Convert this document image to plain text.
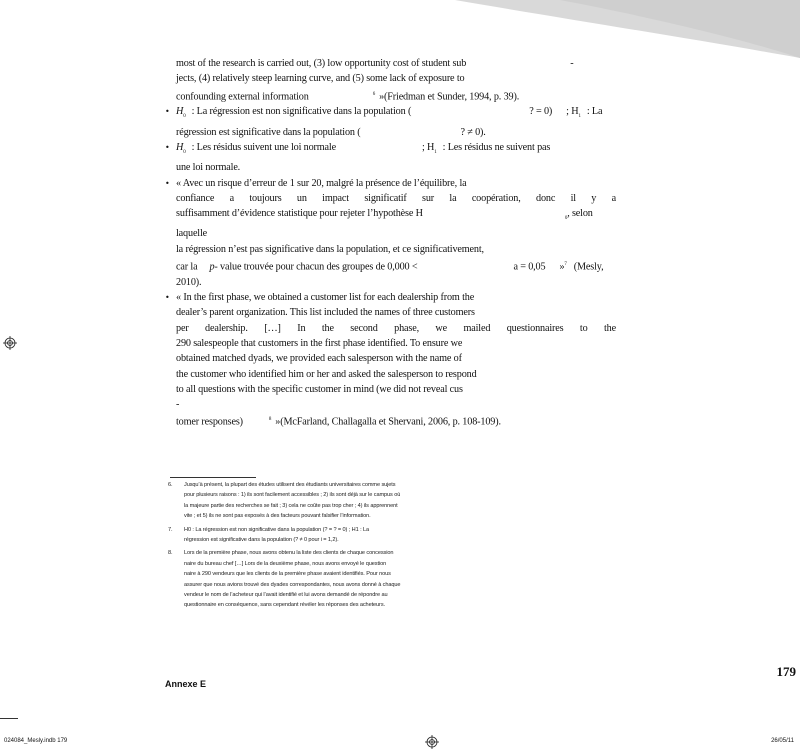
most of the research is carried out, (3) low opportunity cost of student sub	-
jects, (4) relatively steep learning curve, and (5) some lack of exposure to
confounding external information	$^6$ »(Friedman et Sunder, 1994, p. 39).

• $H_0$ : La régression est non significative dans la population (	? = 0) ; $H_1$ : La
régression est significative dans la population (	? ≠ 0).

• $H_0$ : Les résidus suivent une loi normale	; $H_1$ : Les résidus ne suivent pas
une loi normale.

• « Avec un risque d’erreur de 1 sur 20, malgré la présence de l’équilibre, la

confiance a toujours un impact significatif sur la coopération, donc il y a

suffisamment d’évidence statistique pour rejeter l’hypothèse H	$_0$, selon laquelle

la régression n’est pas significative dans la population, et ce significativement,

car la p- value trouvée pour chacun des groupes de 0,000 <	a = 0,05 »$^7$ (Mesly,

2010).

• « In the first phase, we obtained a customer list for each dealership from the

dealer’s parent organization. This list included the names of three customers

per dealership. […] In the second phase, we mailed questionnaires to the

290 salespeople that customers in the first phase identified. To ensure we

obtained matched dyads, we provided each salesperson with the name of

the customer who identified him or her and asked the salesperson to respond

to all questions with the specific customer in mind (we did not reveal cus-

tomer responses)	$^8$ »(McFarland, Challagalla et Shervani, 2006, p. 108-109).

6. Jusqu’à présent, la plupart des études utilisent des étudiants universitaires comme sujets

pour plusieurs raisons : 1) ils sont facilement accessibles ; 2) ils sont déjà sur le campus où

la majeure partie des recherches se fait ; 3) cela ne coûte pas trop cher ; 4) ils apprennent

vite ; et 5) ils ne sont pas exposés à des facteurs pouvant falsifier l’information.

7. H0 : La régression est non significative dans la population (? = ? = 0) ; H1 : La

régression est significative dans la population (? ≠ 0 pour i = 1,2).

8. Lors de la première phase, nous avons obtenu la liste des clients de chaque concession

naire du bureau chef […] Lors de la deuxième phase, nous avons envoyé le question

naire à 290 vendeurs que les clients de la première phase avaient identifiés. Pour nous

assurer que nous avions trouvé des dyades correspondantes, nous avons donné à chaque

vendeur le nom de l’acheteur qui l’avait identifié et lui avons demandé de répondre au

questionnaire en conséquence, sans cependant révéler les réponses des acheteurs.

179
Annexe E
024084_Mesly.indb 179	26/05/11
